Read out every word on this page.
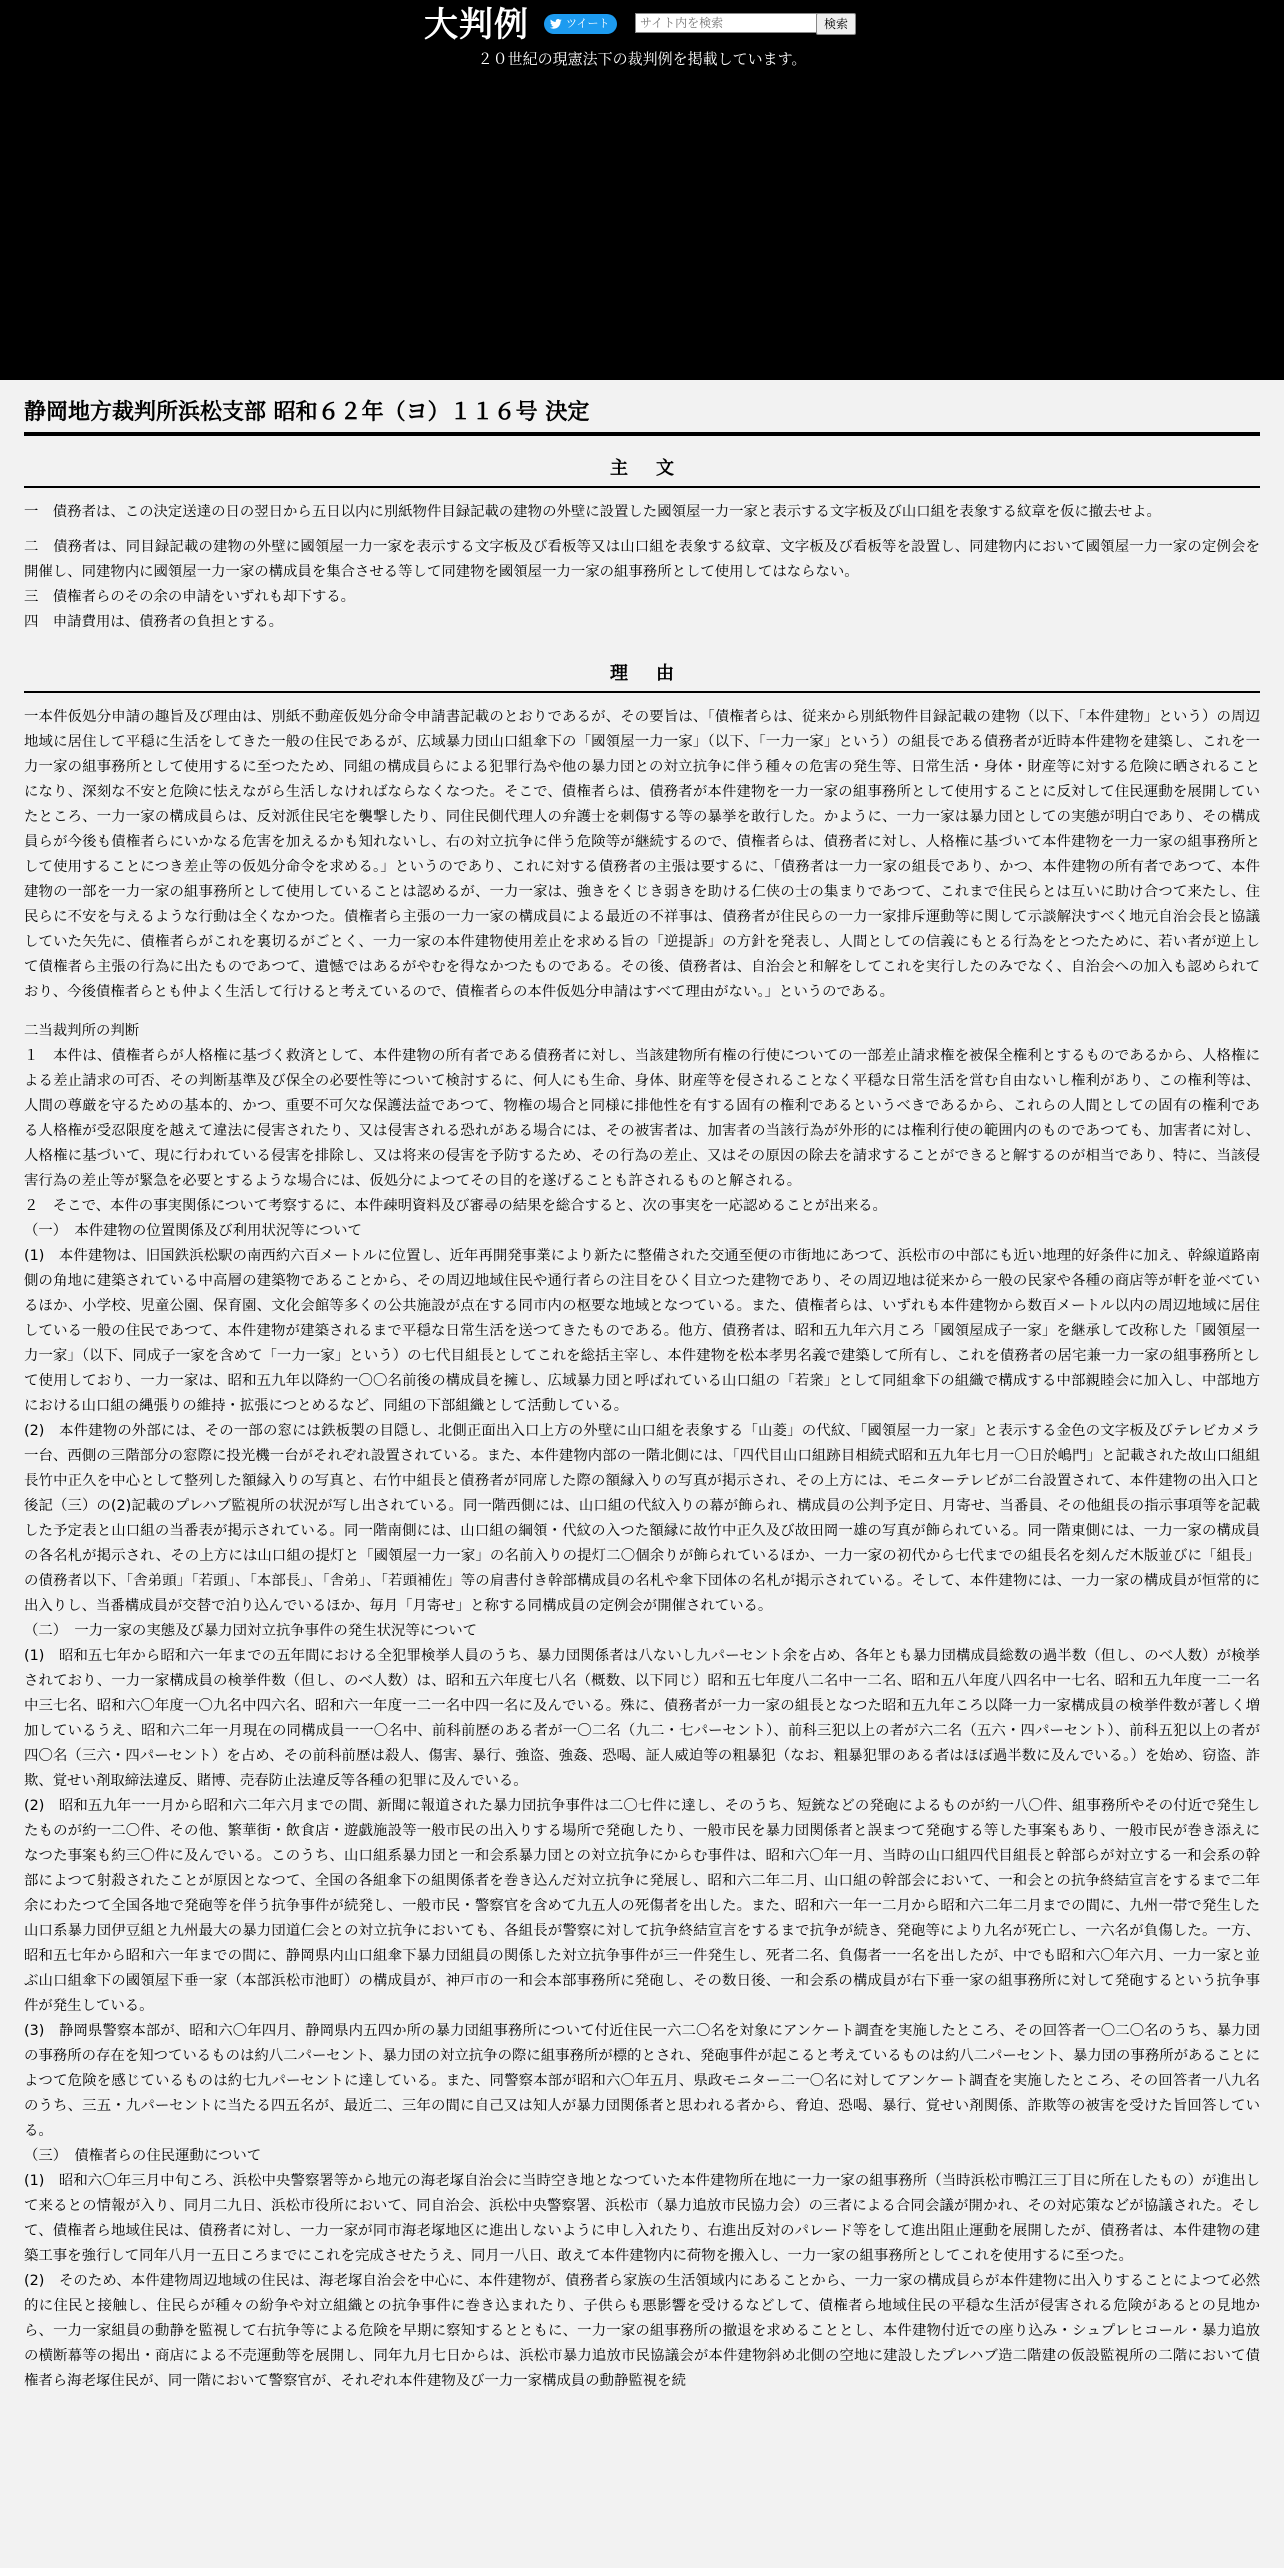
大判例	ツイート
サイト内を検索	検索
２０世紀の現憲法下の裁判例を掲載しています。
静岡地方裁判所浜松支部 昭和６２年（ヨ）１１６号 決定
主文

一　債務者は、この決定送達の日の翌日から五日以内に別紙物件目録記載の建物の外壁に設置した國領屋一力一家と表示する文字板及び山口組を表象する紋章を仮に撤去せよ。

二　債務者は、同目録記載の建物の外壁に國領屋一力一家を表示する文字板及び看板等又は山口組を表象する紋章、文字板及び看板等を設置し、同建物内において國領屋一力一家の定例会を開催し、同建物内に國領屋一力一家の構成員を集合させる等して同建物を國領屋一力一家の組事務所として使用してはならない。

三　債権者らのその余の申請をいずれも却下する。

四　申請費用は、債務者の負担とする。

理由

一本件仮処分申請の趣旨及び理由は、別紙不動産仮処分命令申請書記載のとおりであるが、その要旨は、「債権者らは、従来から別紙物件目録記載の建物（以下、「本件建物」という）の周辺地域に居住して平穏に生活をしてきた一般の住民であるが、広域暴力団山口組傘下の「國領屋一力一家」（以下、「一力一家」という）の組長である債務者が近時本件建物を建築し、これを一力一家の組事務所として使用するに至つたため、同組の構成員らによる犯罪行為や他の暴力団との対立抗争に伴う種々の危害の発生等、日常生活・身体・財産等に対する危険に晒されることになり、深刻な不安と危険に怯えながら生活しなければならなくなつた。そこで、債権者らは、債務者が本件建物を一力一家の組事務所として使用することに反対して住民運動を展開していたところ、一力一家の構成員らは、反対派住民宅を襲撃したり、同住民側代理人の弁護士を刺傷する等の暴挙を敢行した。かように、一力一家は暴力団としての実態が明白であり、その構成員らが今後も債権者らにいかなる危害を加えるかも知れないし、右の対立抗争に伴う危険等が継続するので、債権者らは、債務者に対し、人格権に基づいて本件建物を一力一家の組事務所として使用することにつき差止等の仮処分命令を求める。」というのであり、これに対する債務者の主張は要するに、「債務者は一力一家の組長であり、かつ、本件建物の所有者であつて、本件建物の一部を一力一家の組事務所として使用していることは認めるが、一力一家は、強きをくじき弱きを助ける仁侠の士の集まりであつて、これまで住民らとは互いに助け合つて来たし、住民らに不安を与えるような行動は全くなかつた。債権者ら主張の一力一家の構成員による最近の不祥事は、債務者が住民らの一力一家排斥運動等に関して示談解決すべく地元自治会長と協議していた矢先に、債権者らがこれを裏切るがごとく、一力一家の本件建物使用差止を求める旨の「逆提訴」の方針を発表し、人間としての信義にもとる行為をとつたために、若い者が逆上して債権者ら主張の行為に出たものであつて、遺憾ではあるがやむを得なかつたものである。その後、債務者は、自治会と和解をしてこれを実行したのみでなく、自治会への加入も認められており、今後債権者らとも仲よく生活して行けると考えているので、債権者らの本件仮処分申請はすべて理由がない。」というのである。

二当裁判所の判断

１　本件は、債権者らが人格権に基づく救済として、本件建物の所有者である債務者に対し、当該建物所有権の行使についての一部差止請求権を被保全権利とするものであるから、人格権による差止請求の可否、その判断基準及び保全の必要性等について検討するに、何人にも生命、身体、財産等を侵されることなく平穏な日常生活を営む自由ないし権利があり、この権利等は、人間の尊厳を守るための基本的、かつ、重要不可欠な保護法益であつて、物権の場合と同様に排他性を有する固有の権利であるというべきであるから、これらの人間としての固有の権利である人格権が受忍限度を越えて違法に侵害されたり、又は侵害される恐れがある場合には、その被害者は、加害者の当該行為が外形的には権利行使の範囲内のものであつても、加害者に対し、人格権に基づいて、現に行われている侵害を排除し、又は将来の侵害を予防するため、その行為の差止、又はその原因の除去を請求することができると解するのが相当であり、特に、当該侵害行為の差止等が緊急を必要とするような場合には、仮処分によつてその目的を遂げることも許されるものと解される。

２　そこで、本件の事実関係について考察するに、本件疎明資料及び審尋の結果を総合すると、次の事実を一応認めることが出来る。

（一）　本件建物の位置関係及び利用状況等について

(1)　本件建物は、旧国鉄浜松駅の南西約六百メートルに位置し、近年再開発事業により新たに整備された交通至便の市街地にあつて、浜松市の中部にも近い地理的好条件に加え、幹線道路南側の角地に建築されている中高層の建築物であることから、その周辺地域住民や通行者らの注目をひく目立つた建物であり、その周辺地は従来から一般の民家や各種の商店等が軒を並べているほか、小学校、児童公園、保育園、文化会館等多くの公共施設が点在する同市内の枢要な地域となつている。また、債権者らは、いずれも本件建物から数百メートル以内の周辺地域に居住している一般の住民であつて、本件建物が建築されるまで平穏な日常生活を送つてきたものである。他方、債務者は、昭和五九年六月ころ「國領屋成子一家」を継承して改称した「國領屋一力一家」（以下、同成子一家を含めて「一力一家」という）の七代目組長としてこれを総括主宰し、本件建物を松本孝男名義で建築して所有し、これを債務者の居宅兼一力一家の組事務所として使用しており、一力一家は、昭和五九年以降約一〇〇名前後の構成員を擁し、広域暴力団と呼ばれている山口組の「若衆」として同組傘下の組織で構成する中部親睦会に加入し、中部地方における山口組の縄張りの維持・拡張につとめるなど、同組の下部組織として活動している。

(2)　本件建物の外部には、その一部の窓には鉄板製の目隠し、北側正面出入口上方の外壁に山口組を表象する「山菱」の代紋、「國領屋一力一家」と表示する金色の文字板及びテレビカメラ一台、西側の三階部分の窓際に投光機一台がそれぞれ設置されている。また、本件建物内部の一階北側には、「四代目山口組跡目相続式昭和五九年七月一〇日於嶋門」と記載された故山口組組長竹中正久を中心として整列した額縁入りの写真と、右竹中組長と債務者が同席した際の額縁入りの写真が掲示され、その上方には、モニターテレビが二台設置されて、本件建物の出入口と後記（三）の(2)記載のプレハブ監視所の状況が写し出されている。同一階西側には、山口組の代紋入りの幕が飾られ、構成員の公判予定日、月寄せ、当番員、その他組長の指示事項等を記載した予定表と山口組の当番表が掲示されている。同一階南側には、山口組の綱領・代紋の入つた額縁に故竹中正久及び故田岡一雄の写真が飾られている。同一階東側には、一力一家の構成員の各名札が掲示され、その上方には山口組の提灯と「國領屋一力一家」の名前入りの提灯二〇個余りが飾られているほか、一力一家の初代から七代までの組長名を刻んだ木版並びに「組長」の債務者以下、「舎弟頭」「若頭」、「本部長」、「舎弟」、「若頭補佐」等の肩書付き幹部構成員の名札や傘下団体の名札が掲示されている。そして、本件建物には、一力一家の構成員が恒常的に出入りし、当番構成員が交替で泊り込んでいるほか、毎月「月寄せ」と称する同構成員の定例会が開催されている。

（二）　一力一家の実態及び暴力団対立抗争事件の発生状況等について

(1)　昭和五七年から昭和六一年までの五年間における全犯罪検挙人員のうち、暴力団関係者は八ないし九パーセント余を占め、各年とも暴力団構成員総数の過半数（但し、のべ人数）が検挙されており、一力一家構成員の検挙件数（但し、のべ人数）は、昭和五六年度七八名（概数、以下同じ）昭和五七年度八二名中一二名、昭和五八年度八四名中一七名、昭和五九年度一二一名中三七名、昭和六〇年度一〇九名中四六名、昭和六一年度一二一名中四一名に及んでいる。殊に、債務者が一力一家の組長となつた昭和五九年ころ以降一力一家構成員の検挙件数が著しく増加しているうえ、昭和六二年一月現在の同構成員一一〇名中、前科前歴のある者が一〇二名（九二・七パーセント）、前科三犯以上の者が六二名（五六・四パーセント）、前科五犯以上の者が四〇名（三六・四パーセント）を占め、その前科前歴は殺人、傷害、暴行、強盗、強姦、恐喝、証人威迫等の粗暴犯（なお、粗暴犯罪のある者はほぼ過半数に及んでいる。）を始め、窃盗、詐欺、覚せい剤取締法違反、賭博、売春防止法違反等各種の犯罪に及んでいる。

(2)　昭和五九年一一月から昭和六二年六月までの間、新聞に報道された暴力団抗争事件は二〇七件に達し、そのうち、短銃などの発砲によるものが約一八〇件、組事務所やその付近で発生したものが約一二〇件、その他、繁華街・飲食店・遊戯施設等一般市民の出入りする場所で発砲したり、一般市民を暴力団関係者と誤まつて発砲する等した事案もあり、一般市民が巻き添えになつた事案も約三〇件に及んでいる。このうち、山口組系暴力団と一和会系暴力団との対立抗争にからむ事件は、昭和六〇年一月、当時の山口組四代目組長と幹部らが対立する一和会系の幹部によつて射殺されたことが原因となつて、全国の各組傘下の組関係者を巻き込んだ対立抗争に発展し、昭和六二年二月、山口組の幹部会において、一和会との抗争終結宣言をするまで二年余にわたつて全国各地で発砲等を伴う抗争事件が続発し、一般市民・警察官を含めて九五人の死傷者を出した。また、昭和六一年一二月から昭和六二年二月までの間に、九州一帯で発生した山口系暴力団伊豆組と九州最大の暴力団道仁会との対立抗争においても、各組長が警察に対して抗争終結宣言をするまで抗争が続き、発砲等により九名が死亡し、一六名が負傷した。一方、昭和五七年から昭和六一年までの間に、静岡県内山口組傘下暴力団組員の関係した対立抗争事件が三一件発生し、死者二名、負傷者一一名を出したが、中でも昭和六〇年六月、一力一家と並ぶ山口組傘下の國領屋下垂一家（本部浜松市池町）の構成員が、神戸市の一和会本部事務所に発砲し、その数日後、一和会系の構成員が右下垂一家の組事務所に対して発砲するという抗争事件が発生している。

(3)　静岡県警察本部が、昭和六〇年四月、静岡県内五四か所の暴力団組事務所について付近住民一六二〇名を対象にアンケート調査を実施したところ、その回答者一〇二〇名のうち、暴力団の事務所の存在を知つているものは約八二パーセント、暴力団の対立抗争の際に組事務所が標的とされ、発砲事件が起こると考えているものは約八二パーセント、暴力団の事務所があることによつて危険を感じているものは約七九パーセントに達している。また、同警察本部が昭和六〇年五月、県政モニター二一〇名に対してアンケート調査を実施したところ、その回答者一八九名のうち、三五・九パーセントに当たる四五名が、最近二、三年の間に自己又は知人が暴力団関係者と思われる者から、脅迫、恐喝、暴行、覚せい剤関係、詐欺等の被害を受けた旨回答している。

（三）　債権者らの住民運動について

(1)　昭和六〇年三月中旬ころ、浜松中央警察署等から地元の海老塚自治会に当時空き地となつていた本件建物所在地に一力一家の組事務所（当時浜松市鴨江三丁目に所在したもの）が進出して来るとの情報が入り、同月二九日、浜松市役所において、同自治会、浜松中央警察署、浜松市（暴力追放市民協力会）の三者による合同会議が開かれ、その対応策などが協議された。そして、債権者ら地域住民は、債務者に対し、一力一家が同市海老塚地区に進出しないように申し入れたり、右進出反対のパレード等をして進出阻止運動を展開したが、債務者は、本件建物の建築工事を強行して同年八月一五日ころまでにこれを完成させたうえ、同月一八日、敢えて本件建物内に荷物を搬入し、一力一家の組事務所としてこれを使用するに至つた。

(2)　そのため、本件建物周辺地域の住民は、海老塚自治会を中心に、本件建物が、債務者ら家族の生活領域内にあることから、一力一家の構成員らが本件建物に出入りすることによつて必然的に住民と接触し、住民らが種々の紛争や対立組織との抗争事件に巻き込まれたり、子供らも悪影響を受けるなどして、債権者ら地域住民の平穏な生活が侵害される危険があるとの見地から、一力一家組員の動静を監視して右抗争等による危険を早期に察知するとともに、一力一家の組事務所の撤退を求めることとし、本件建物付近での座り込み・シュプレヒコール・暴力追放の横断幕等の掲出・商店による不売運動等を展開し、同年九月七日からは、浜松市暴力追放市民協議会が本件建物斜め北側の空地に建設したプレハブ造二階建の仮設監視所の二階において債権者ら海老塚住民が、同一階において警察官が、それぞれ本件建物及び一力一家構成員の動静監視を続
